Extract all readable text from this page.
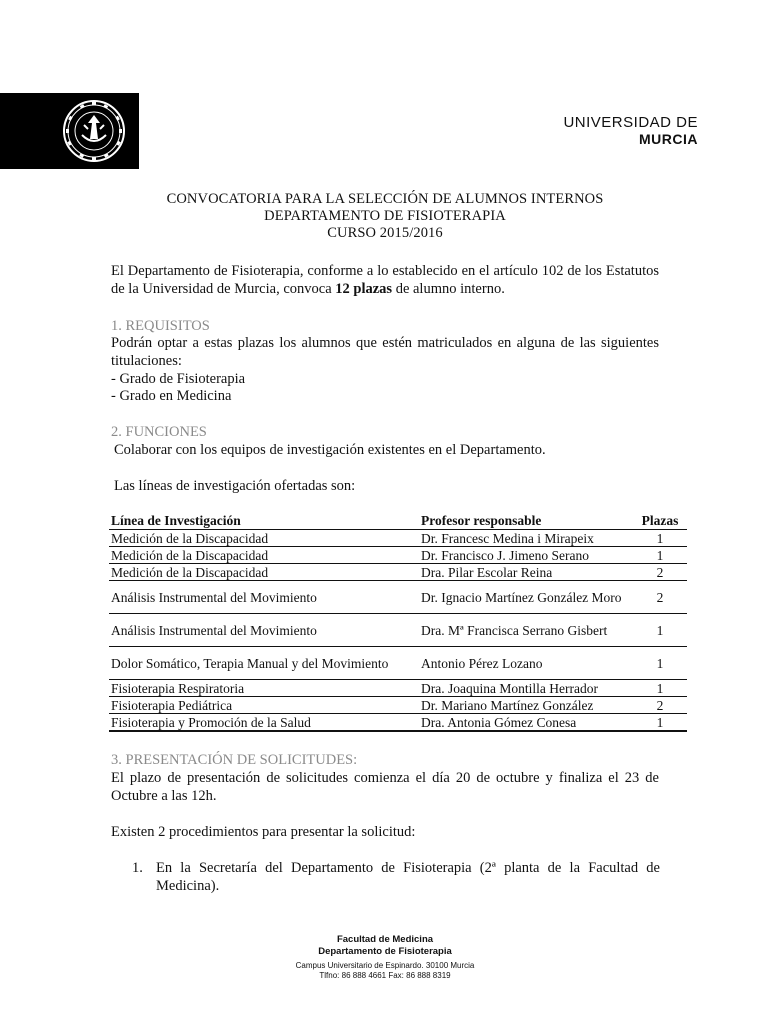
UNIVERSIDAD DE
MURCIA
CONVOCATORIA PARA LA SELECCIÓN DE ALUMNOS INTERNOS
DEPARTAMENTO DE FISIOTERAPIA
CURSO 2015/2016
El Departamento de Fisioterapia, conforme a lo establecido en el artículo 102 de los Estatutos de la Universidad de Murcia, convoca 12 plazas de alumno interno.
1. REQUISITOS
Podrán optar a estas plazas los alumnos que estén matriculados en alguna de las siguientes titulaciones:
- Grado de Fisioterapia
- Grado en Medicina
2. FUNCIONES
Colaborar con los equipos de investigación existentes en el Departamento.
Las líneas de investigación ofertadas son:
Línea de Investigación	Profesor responsable	Plazas
Medición de la Discapacidad	Dr. Francesc Medina i Mirapeix	1
Medición de la Discapacidad	Dr. Francisco J. Jimeno Serano	1
Medición de la Discapacidad	Dra. Pilar Escolar Reina	2
Análisis Instrumental del Movimiento	Dr. Ignacio Martínez González Moro	2
Análisis Instrumental del Movimiento	Dra. Mª Francisca Serrano Gisbert	1
Dolor Somático, Terapia Manual y del Movimiento	Antonio Pérez Lozano	1
Fisioterapia Respiratoria	Dra. Joaquina Montilla Herrador	1
Fisioterapia Pediátrica	Dr. Mariano Martínez González	2
Fisioterapia y Promoción de la Salud	Dra. Antonia Gómez Conesa	1
3. PRESENTACIÓN DE SOLICITUDES:
El plazo de presentación de solicitudes comienza el día 20 de octubre y finaliza el 23 de Octubre a las 12h.
Existen 2 procedimientos para presentar la solicitud:
1. En la Secretaría del Departamento de Fisioterapia (2ª planta de la Facultad de Medicina).
Facultad de Medicina
Departamento de Fisioterapia
Campus Universitario de Espinardo. 30100 Murcia
Tlfno: 86 888 4661 Fax: 86 888 8319
